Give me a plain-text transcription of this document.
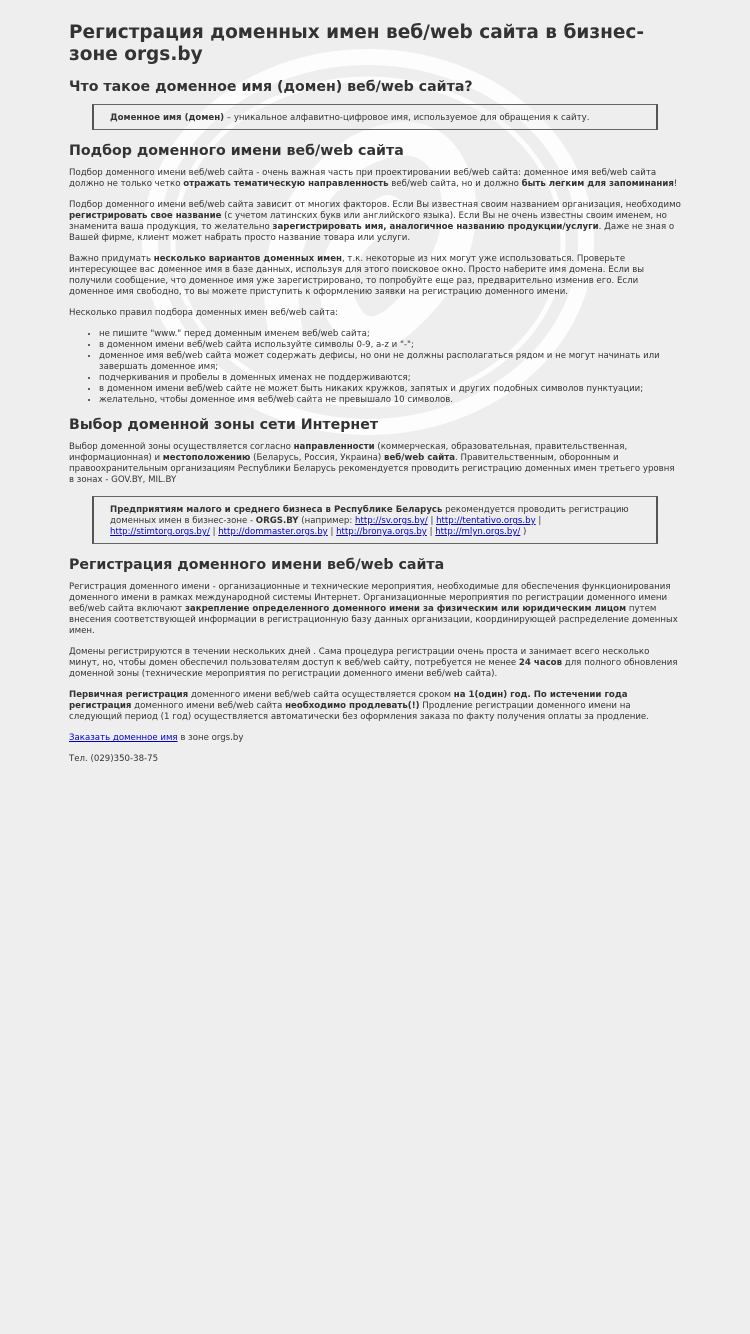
Регистрация доменных имен веб/web сайта в бизнес-зоне orgs.by
Что такое доменное имя (домен) веб/web сайта?
Доменное имя (домен) – уникальное алфавитно-цифровое имя, используемое для обращения к сайту.
Подбор доменного имени веб/web сайта

Подбор доменного имени веб/web сайта - очень важная часть при проектировании веб/web сайта: доменное имя веб/web сайта должно не только четко отражать тематическую направленность веб/web сайта, но и должно быть легким для запоминания!

Подбор доменного имени веб/web сайта зависит от многих факторов. Если Вы известная своим названием организация, необходимо регистрировать свое название (с учетом латинских букв или английского языка). Если Вы не очень известны своим именем, но знаменита ваша продукция, то желательно зарегистрировать имя, аналогичное названию продукции/услуги. Даже не зная о Вашей фирме, клиент может набрать просто название товара или услуги.

Важно придумать несколько вариантов доменных имен, т.к. некоторые из них могут уже использоваться. Проверьте интересующее вас доменное имя в базе данных, используя для этого поисковое окно. Просто наберите имя домена. Если вы получили сообщение, что доменное имя уже зарегистрировано, то попробуйте еще раз, предварительно изменив его. Если доменное имя свободно, то вы можете приступить к оформлению заявки на регистрацию доменного имени.

Несколько правил подбора доменных имен веб/web сайта:

• не пишите "www." перед доменным именем веб/web сайта;
• в доменном имени веб/web сайта используйте символы 0-9, a-z и "-";
• доменное имя веб/web сайта может содержать дефисы, но они не должны располагаться рядом и не могут начинать или завершать доменное имя;
• подчеркивания и пробелы в доменных именах не поддерживаются;
• в доменном имени веб/web сайте не может быть никаких кружков, запятых и других подобных символов пунктуации;
• желательно, чтобы доменное имя веб/web сайта не превышало 10 символов.
Выбор доменной зоны сети Интернет

Выбор доменной зоны осуществляется согласно направленности (коммерческая, образовательная, правительственная, информационная) и местоположению (Беларусь, Россия, Украина) веб/web сайта. Правительственным, оборонным и правоохранительным организациям Республики Беларусь рекомендуется проводить регистрацию доменных имен третьего уровня в зонах - GOV.BY, MIL.BY

Предприятиям малого и среднего бизнеса в Республике Беларусь рекомендуется проводить регистрацию доменных имен в бизнес-зоне - ORGS.BY (например: http://sv.orgs.by/ | http://tentativo.orgs.by | http://stimtorg.orgs.by/ | http://dommaster.orgs.by | http://bronya.orgs.by | http://mlyn.orgs.by/ )
Регистрация доменного имени веб/web сайта

Регистрация доменного имени - организационные и технические мероприятия, необходимые для обеспечения функционирования доменного имени в рамках международной системы Интернет. Организационные мероприятия по регистрации доменного имени веб/web сайта включают закрепление определенного доменного имени за физическим или юридическим лицом путем внесения соответствующей информации в регистрационную базу данных организации, координирующей распределение доменных имен.

Домены регистрируются в течении нескольких дней . Сама процедура регистрации очень проста и занимает всего несколько минут, но, чтобы домен обеспечил пользователям доступ к веб/web сайту, потребуется не менее 24 часов для полного обновления доменной зоны (технические мероприятия по регистрации доменного имени веб/web сайта).

Первичная регистрация доменного имени веб/web сайта осуществляется сроком на 1(один) год. По истечении года регистрация доменного имени веб/web сайта необходимо продлевать(!) Продление регистрации доменного имени на следующий период (1 год) осуществляется автоматически без оформления заказа по факту получения оплаты за продление.

Заказать доменное имя в зоне orgs.by

Тел. (029)350-38-75
